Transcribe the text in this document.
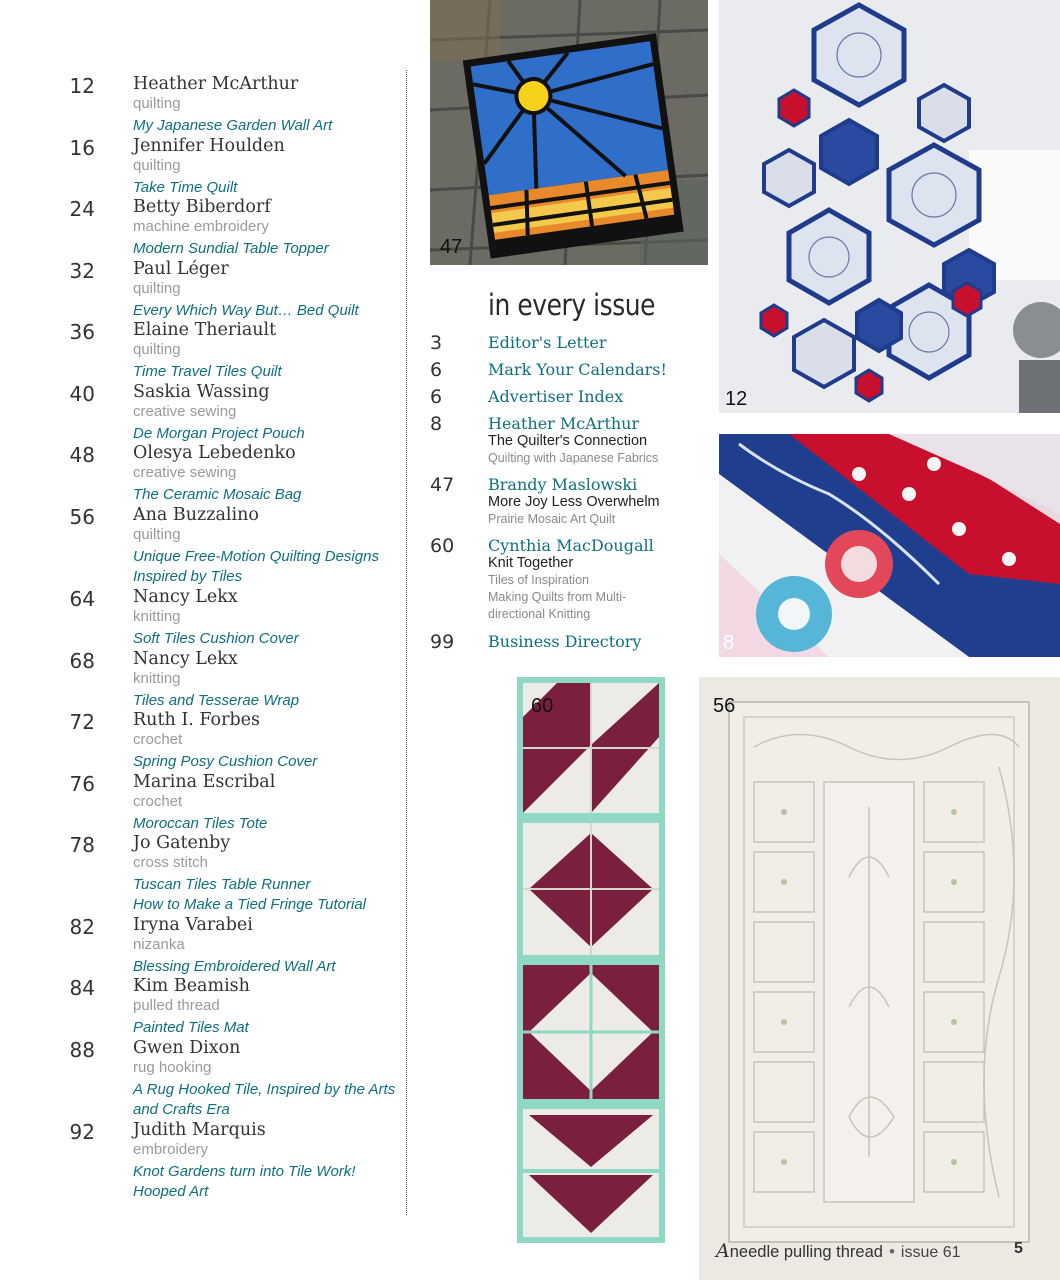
12 Heather McArthur
quilting
My Japanese Garden Wall Art
16 Jennifer Houlden
quilting
Take Time Quilt
24 Betty Biberdorf
machine embroidery
Modern Sundial Table Topper
32 Paul Léger
quilting
Every Which Way But… Bed Quilt
36 Elaine Theriault
quilting
Time Travel Tiles Quilt
40 Saskia Wassing
creative sewing
De Morgan Project Pouch
48 Olesya Lebedenko
creative sewing
The Ceramic Mosaic Bag
56 Ana Buzzalino
quilting
Unique Free-Motion Quilting Designs
Inspired by Tiles
64 Nancy Lekx
knitting
Soft Tiles Cushion Cover
68 Nancy Lekx
knitting
Tiles and Tesserae Wrap
72 Ruth I. Forbes
crochet
Spring Posy Cushion Cover
76 Marina Escribal
crochet
Moroccan Tiles Tote
78 Jo Gatenby
cross stitch
Tuscan Tiles Table Runner
How to Make a Tied Fringe Tutorial
82 Iryna Varabei
nizanka
Blessing Embroidered Wall Art
84 Kim Beamish
pulled thread
Painted Tiles Mat
88 Gwen Dixon
rug hooking
A Rug Hooked Tile, Inspired by the Arts
and Crafts Era
92 Judith Marquis
embroidery
Knot Gardens turn into Tile Work!
Hooped Art
47
12
in every issue
3	Editor's Letter
6	Mark Your Calendars!
6	Advertiser Index
8	Heather McArthur
The Quilter's Connection
Quilting with Japanese Fabrics
47 Brandy Maslowski
More Joy Less Overwhelm
Prairie Mosaic Art Quilt
60 Cynthia MacDougall
Knit Together
Tiles of Inspiration
Making Quilts from Multi-
directional Knitting
99 Business Directory	8
60	56
Aneedle pulling thread • issue 61	5
